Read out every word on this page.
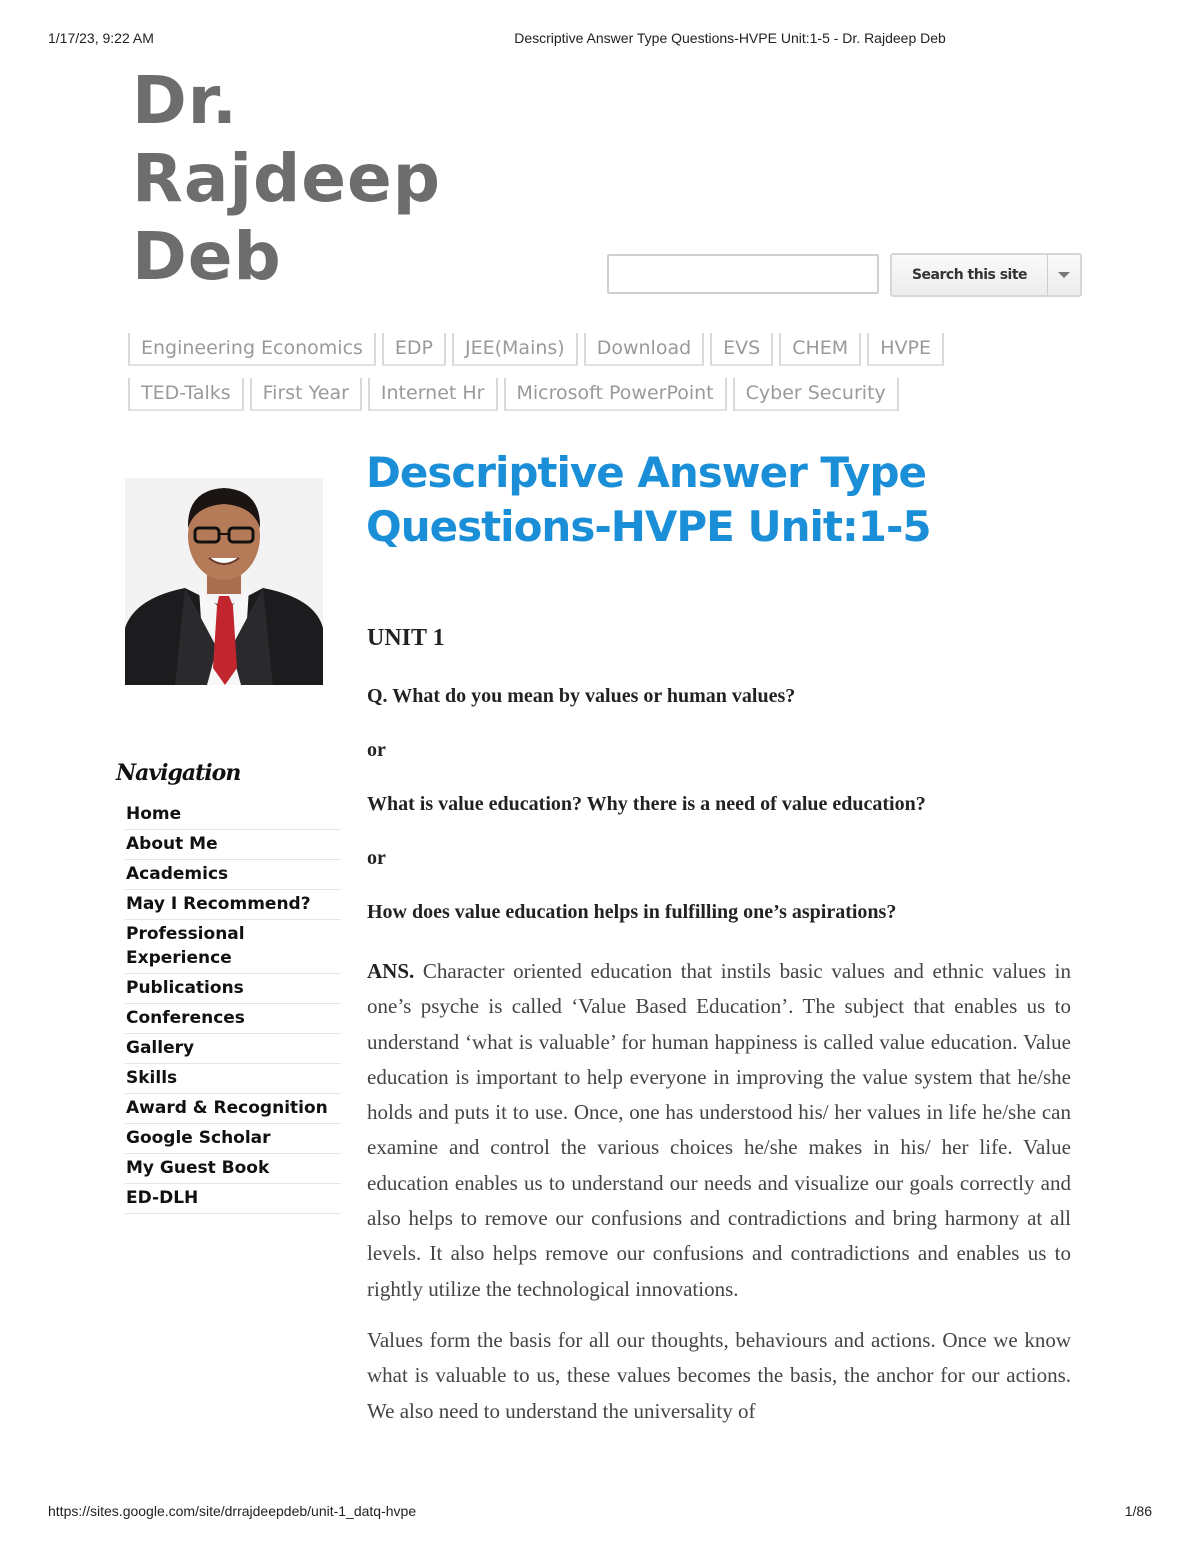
1/17/23, 9:22 AM	Descriptive Answer Type Questions-HVPE Unit:1-5 - Dr. Rajdeep Deb
Dr.
Rajdeep
Deb	Search this site
Engineering Economics	EDP	JEE(Mains)	Download	EVS	CHEM	HVPE
TED-Talks	First Year	Internet Hr	Microsoft PowerPoint	Cyber Security
Navigation
Home
About Me
Academics
May I Recommend?
Professional Experience
Publications
Conferences
Gallery
Skills
Award & Recognition
Google Scholar
My Guest Book
ED-DLH
Descriptive Answer Type Questions-HVPE Unit:1-5

UNIT 1

Q. What do you mean by values or human values?

or

What is value education? Why there is a need of value education?

or

How does value education helps in fulfilling one’s aspirations?

ANS. Character oriented education that instils basic values and ethnic values in one’s psyche is called ‘Value Based Education’. The subject that enables us to understand ‘what is valuable’ for human happiness is called value education. Value education is important to help everyone in improving the value system that he/she holds and puts it to use. Once, one has understood his/ her values in life he/she can examine and control the various choices he/she makes in his/ her life. Value education enables us to understand our needs and visualize our goals correctly and also helps to remove our confusions and contradictions and bring harmony at all levels. It also helps remove our confusions and contradictions and enables us to rightly utilize the technological innovations.

Values form the basis for all our thoughts, behaviours and actions. Once we know what is valuable to us, these values becomes the basis, the anchor for our actions. We also need to understand the universality of

https://sites.google.com/site/drrajdeepdeb/unit-1_datq-hvpe	1/86
